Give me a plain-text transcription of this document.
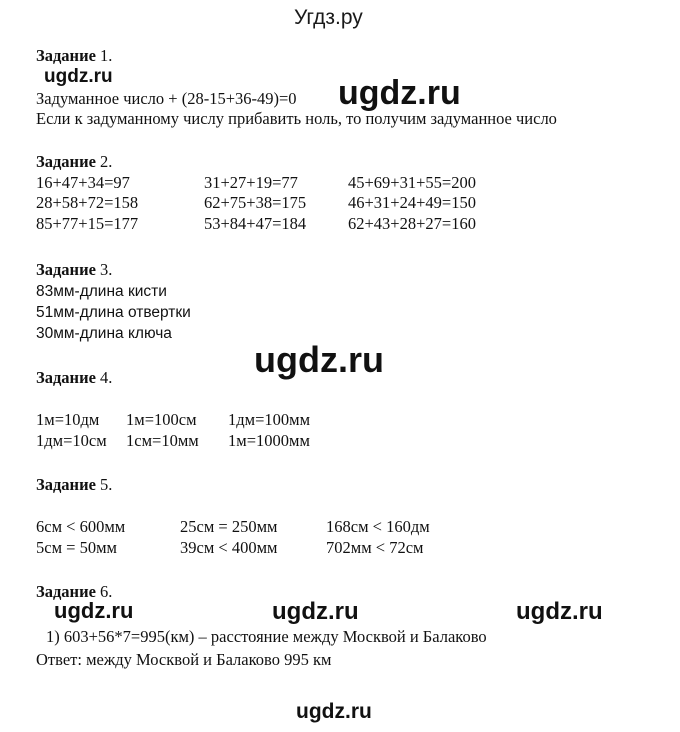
Угдз.ру
Задание 1.
ugdz.ru
Задуманное число + (28-15+36-49)=0 ugdz.ru
Если к задуманному числу прибавить ноль, то получим задуманное число
Задание 2.
16+47+34=97	31+27+19=77	45+69+31+55=200
28+58+72=158	62+75+38=175	46+31+24+49=150
85+77+15=177	53+84+47=184	62+43+28+27=160
Задание 3.
83мм-длина кисти
51мм-длина отвертки
30мм-длина ключа
ugdz.ru
Задание 4.
1м=10дм 1м=100см 1дм=100мм
1дм=10см 1см=10мм 1м=1000мм
Задание 5.
6см < 600мм	25см = 250мм	168см < 160дм
5см = 50мм	39см < 400мм	702мм < 72см
Задание 6.
ugdz.ru	ugdz.ru	ugdz.ru
1) 603+56*7=995(км) – расстояние между Москвой и Балаково
Ответ: между Москвой и Балаково 995 км
ugdz.ru
